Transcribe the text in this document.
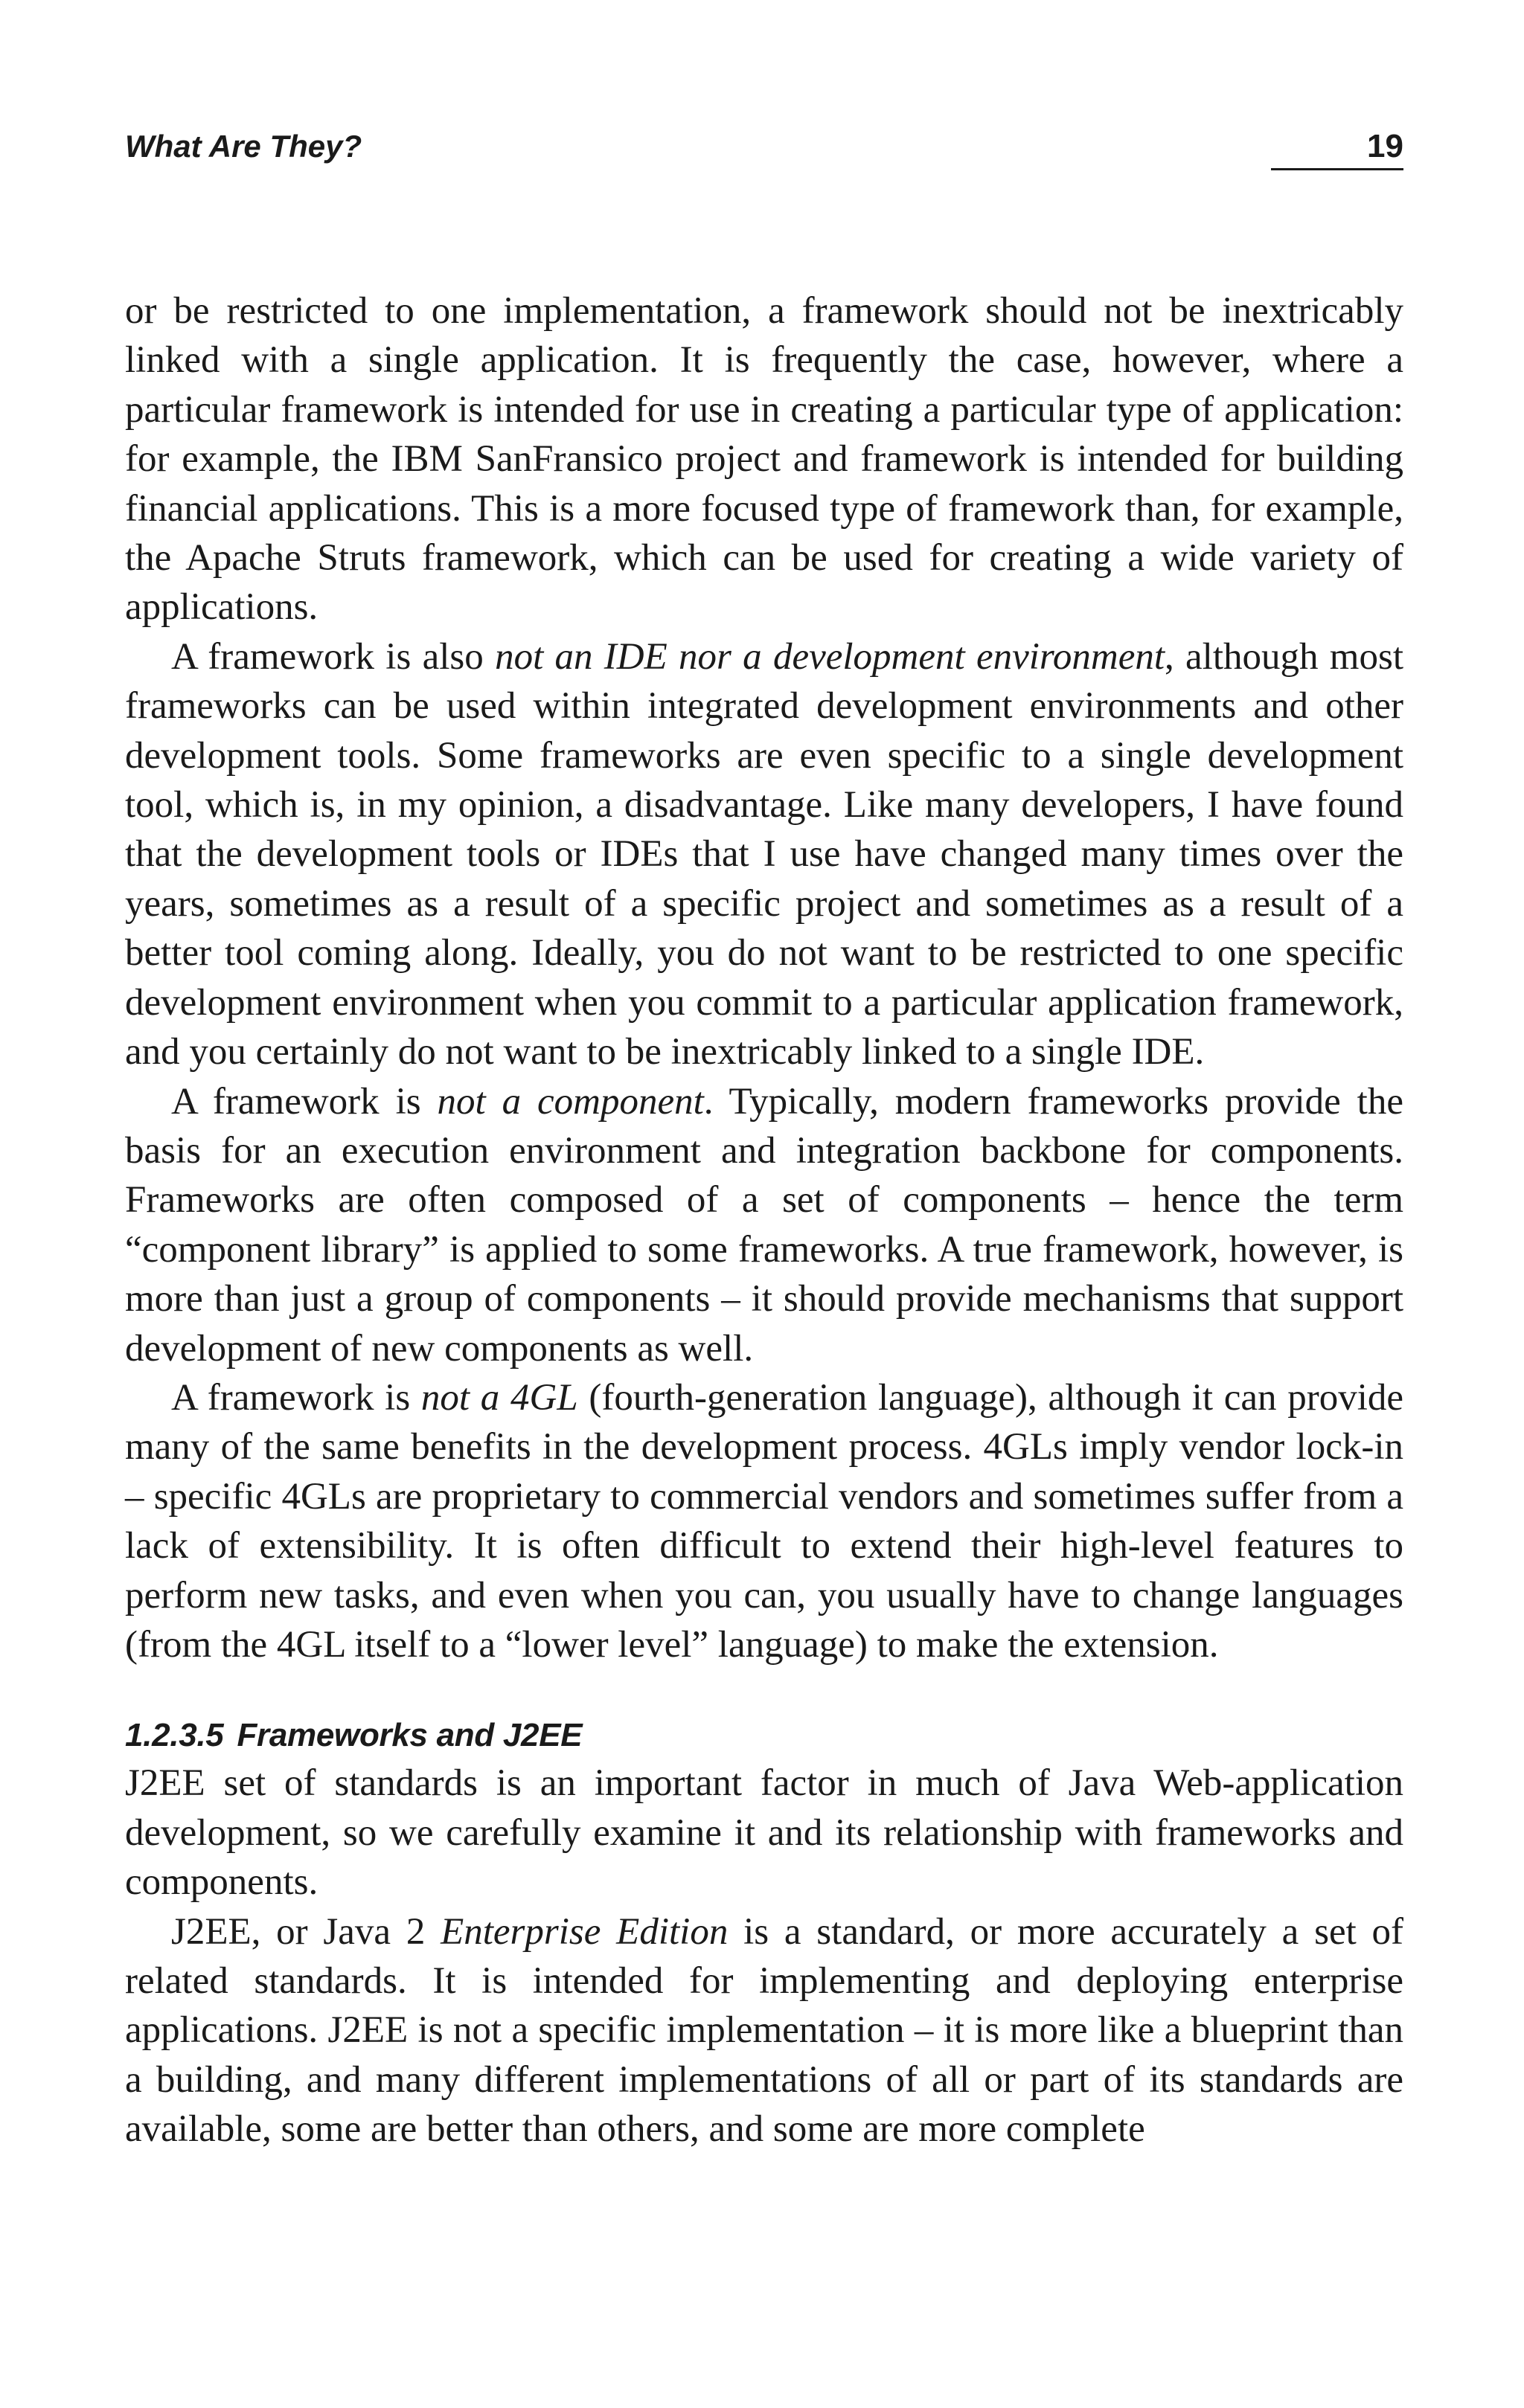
What Are They?	19

or be restricted to one implementation, a framework should not be inextricably linked with a single application. It is frequently the case, however, where a particular framework is intended for use in creating a particular type of application: for example, the IBM SanFransico project and framework is intended for building financial applications. This is a more focused type of framework than, for example, the Apache Struts framework, which can be used for creating a wide variety of applications.

A framework is also not an IDE nor a development environment, although most frameworks can be used within integrated development environments and other development tools. Some frameworks are even specific to a single development tool, which is, in my opinion, a disadvantage. Like many developers, I have found that the development tools or IDEs that I use have changed many times over the years, sometimes as a result of a specific project and sometimes as a result of a better tool coming along. Ideally, you do not want to be restricted to one specific development environment when you commit to a particular application framework, and you certainly do not want to be inextricably linked to a single IDE.

A framework is not a component. Typically, modern frameworks provide the basis for an execution environment and integration backbone for components. Frameworks are often composed of a set of components – hence the term “component library” is applied to some frameworks. A true framework, however, is more than just a group of components – it should provide mechanisms that support development of new components as well.

A framework is not a 4GL (fourth-generation language), although it can provide many of the same benefits in the development process. 4GLs imply vendor lock-in – specific 4GLs are proprietary to commercial vendors and sometimes suffer from a lack of extensibility. It is often difficult to extend their high-level features to perform new tasks, and even when you can, you usually have to change languages (from the 4GL itself to a “lower level” language) to make the extension.

1.2.3.5 Frameworks and J2EE

J2EE set of standards is an important factor in much of Java Web-application development, so we carefully examine it and its relationship with frameworks and components.

J2EE, or Java 2 Enterprise Edition is a standard, or more accurately a set of related standards. It is intended for implementing and deploying enterprise applications. J2EE is not a specific implementation – it is more like a blueprint than a building, and many different implementations of all or part of its standards are available, some are better than others, and some are more complete
